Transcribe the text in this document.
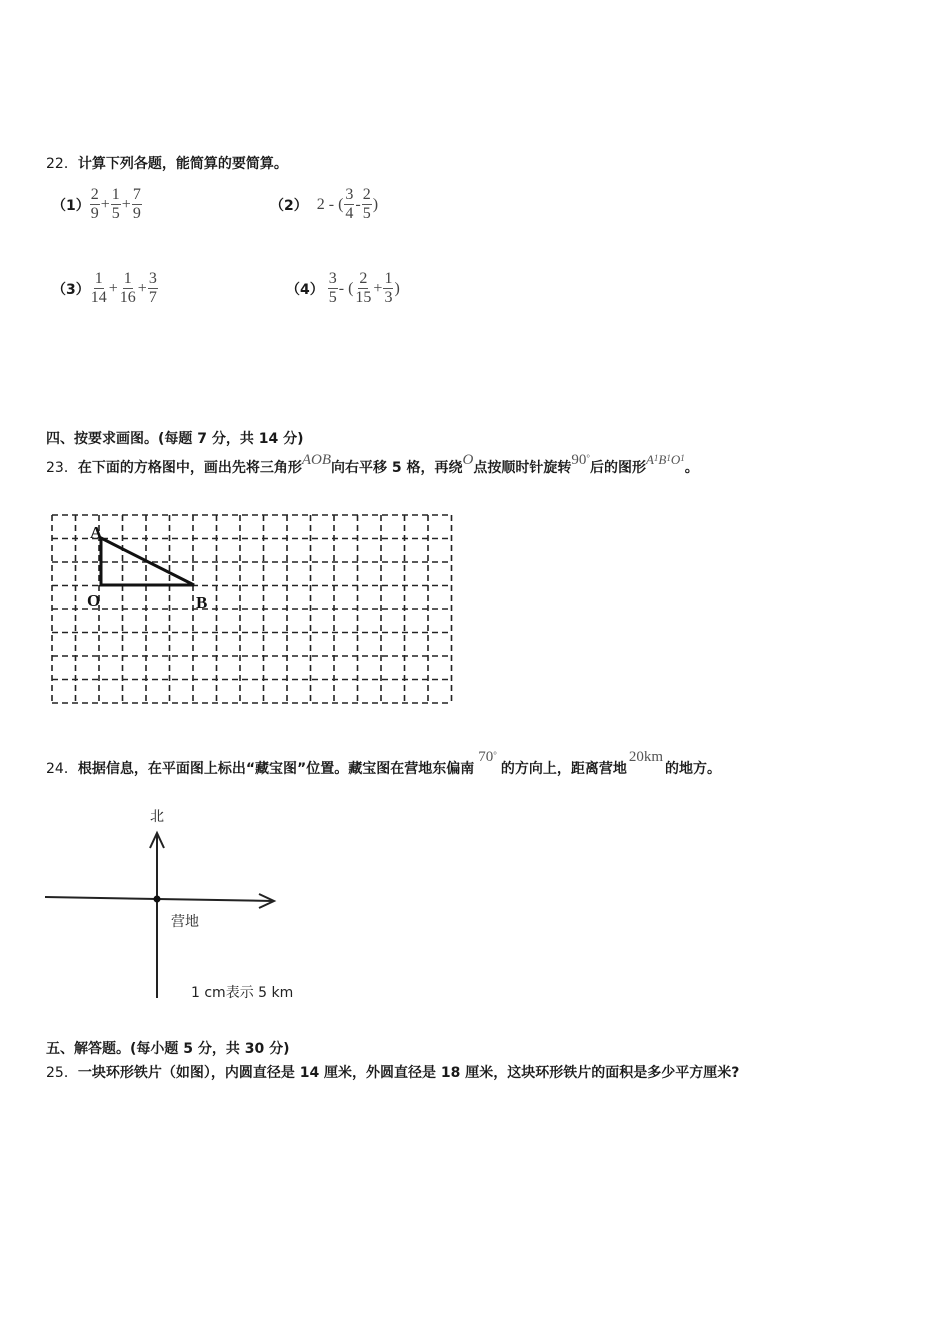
22．计算下列各题，能简算的要简算。
$(1) \frac{2}{9} + \frac{1}{5} + \frac{7}{9}$	（2） 2 - ( $\frac{3}{4} - \frac{2}{5}$ )
$(3) \frac{1}{14} + \frac{1}{16} + \frac{3}{7}$	$(4) \frac{3}{5}$ - ( $\frac{2}{15} + \frac{1}{3}$ )
四、按要求画图。(每题 7 分，共 14 分)
23．在下面的方格图中，画出先将三角形AOB向右平移 5 格，再绕O点按顺时针旋转90°后的图形$A^1B^1O^1$。
A
O	B
24．根据信息，在平面图上标出“藏宝图”位置。藏宝图在营地东偏南70°的方向上，距离营地20km的地方。
北
营地
1 cm表示 5 km
五、解答题。(每小题 5 分，共 30 分)
25．一块环形铁片（如图），内圆直径是 14 厘米，外圆直径是 18 厘米，这块环形铁片的面积是多少平方厘米?
